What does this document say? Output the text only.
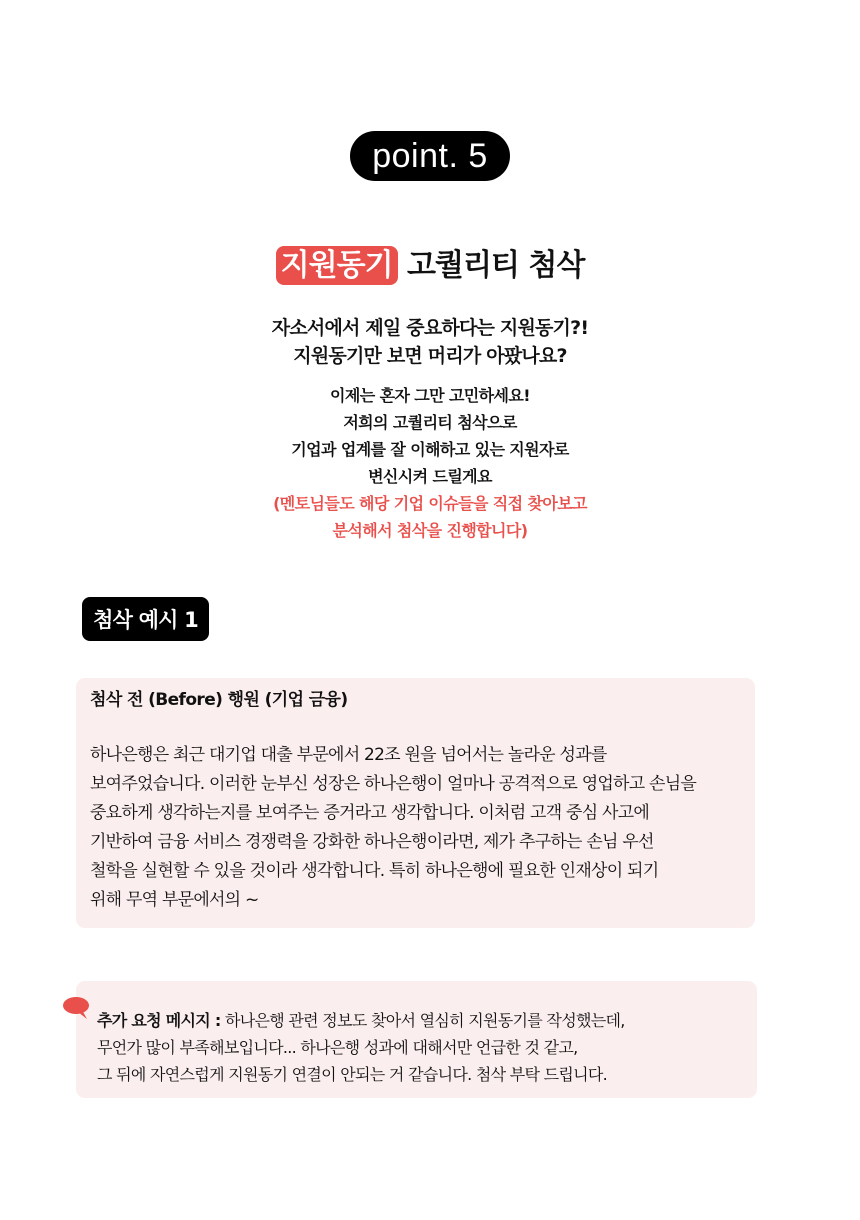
point. 5
지원동기 고퀄리티 첨삭
자소서에서 제일 중요하다는 지원동기?!
지원동기만 보면 머리가 아팠나요?
이제는 혼자 그만 고민하세요!
저희의 고퀄리티 첨삭으로
기업과 업계를 잘 이해하고 있는 지원자로
변신시켜 드릴게요
(멘토님들도 해당 기업 이슈들을 직접 찾아보고
분석해서 첨삭을 진행합니다)
첨삭 예시 1
첨삭 전 (Before) 행원 (기업 금융)
하나은행은 최근 대기업 대출 부문에서 22조 원을 넘어서는 놀라운 성과를
보여주었습니다. 이러한 눈부신 성장은 하나은행이 얼마나 공격적으로 영업하고 손님을
중요하게 생각하는지를 보여주는 증거라고 생각합니다. 이처럼 고객 중심 사고에
기반하여 금융 서비스 경쟁력을 강화한 하나은행이라면, 제가 추구하는 손님 우선
철학을 실현할 수 있을 것이라 생각합니다. 특히 하나은행에 필요한 인재상이 되기
위해 무역 부문에서의 ~
추가 요청 메시지 : 하나은행 관련 정보도 찾아서 열심히 지원동기를 작성했는데,
무언가 많이 부족해보입니다... 하나은행 성과에 대해서만 언급한 것 같고,
그 뒤에 자연스럽게 지원동기 연결이 안되는 거 같습니다. 첨삭 부탁 드립니다.
